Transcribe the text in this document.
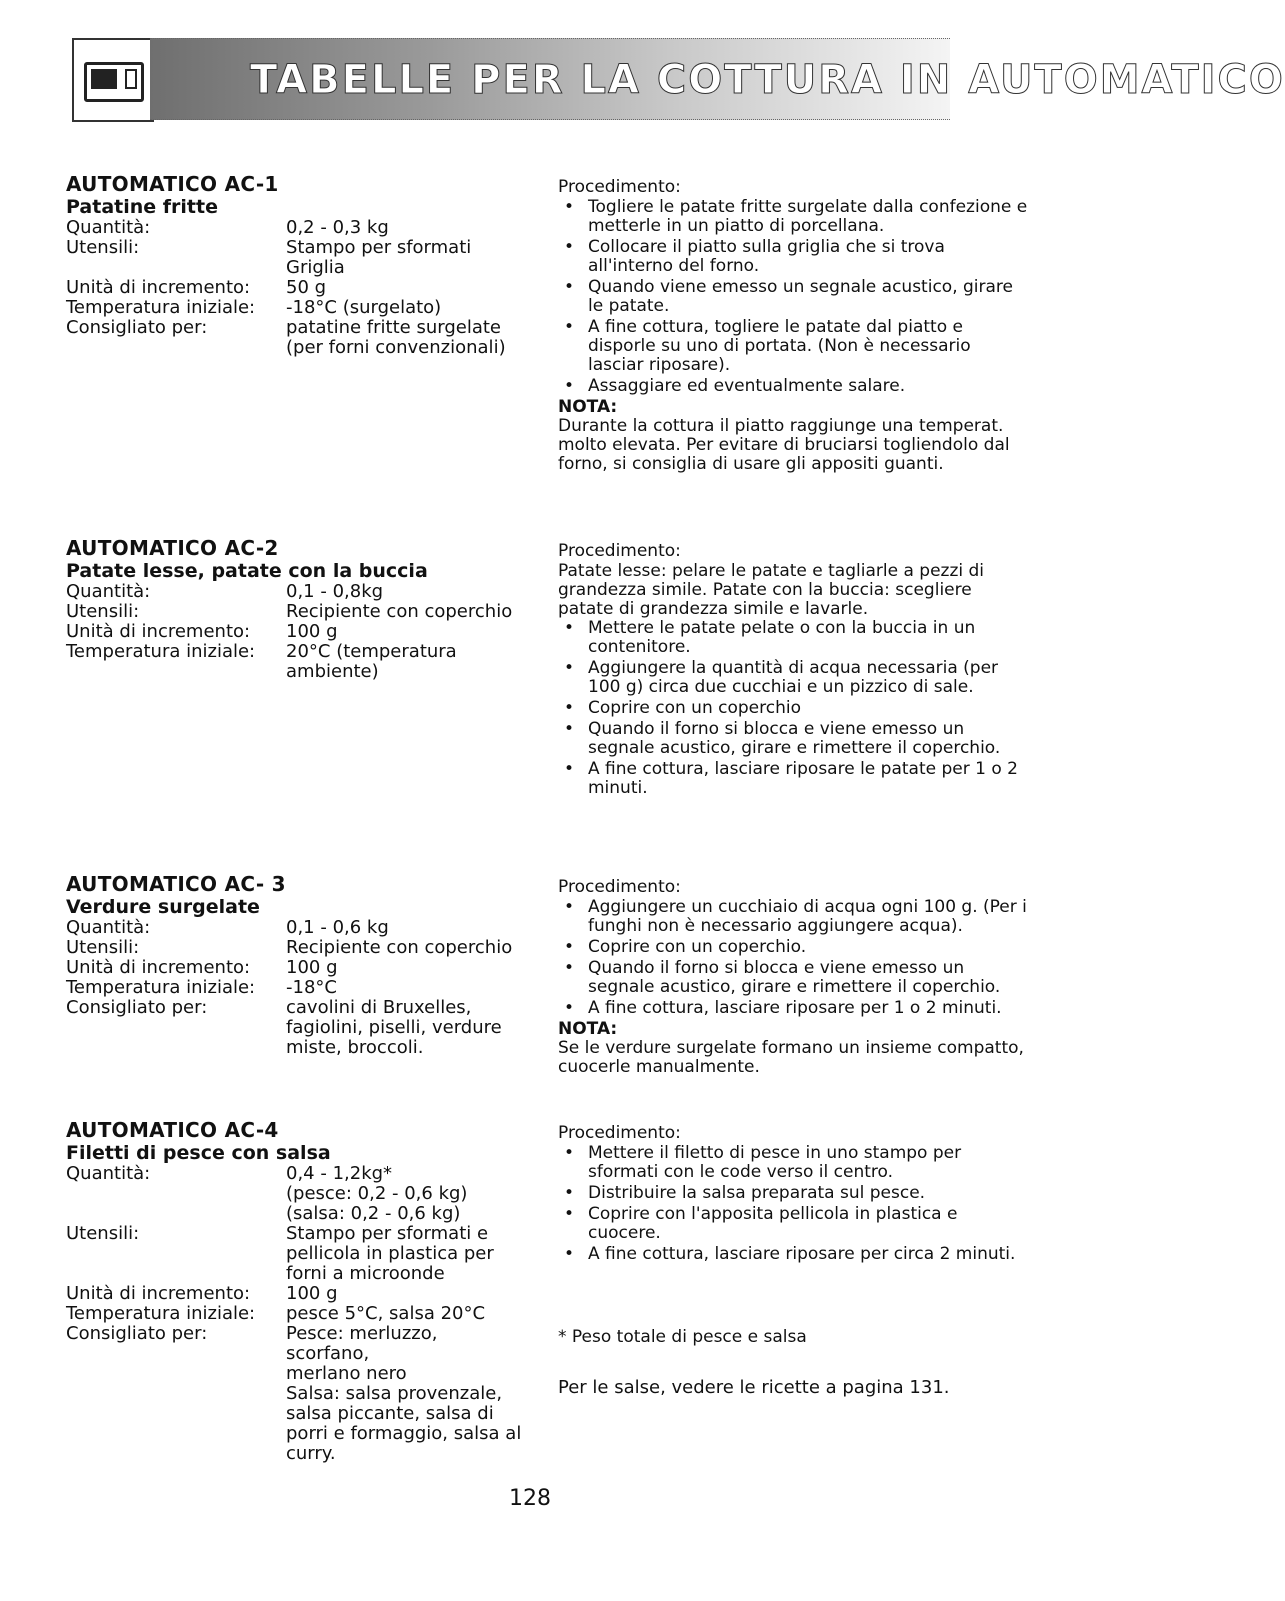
TABELLE PER LA COTTURA IN AUTOMATICO
AUTOMATICO AC-1
Patatine fritte
Quantità:	0,2 - 0,3 kg
Utensili:	Stampo per sformati
Griglia
Unità di incremento:	50 g
Temperatura iniziale:	-18°C (surgelato)
Consigliato per:	patatine fritte surgelate
(per forni convenzionali)
Procedimento:
• Togliere le patate fritte surgelate dalla confezione e metterle in un piatto di porcellana.
• Collocare il piatto sulla griglia che si trova all'interno del forno.
• Quando viene emesso un segnale acustico, girare le patate.
• A fine cottura, togliere le patate dal piatto e disporle su uno di portata. (Non è necessario lasciar riposare).
• Assaggiare ed eventualmente salare.
NOTA:

Durante la cottura il piatto raggiunge una temperat. molto elevata. Per evitare di bruciarsi togliendolo dal forno, si consiglia di usare gli appositi guanti.

AUTOMATICO AC-2
Patate lesse, patate con la buccia
Quantità:	0,1 - 0,8kg
Utensili:	Recipiente con coperchio
Unità di incremento:	100 g
Temperatura iniziale:	20°C (temperatura
ambiente)
Procedimento:

Patate lesse: pelare le patate e tagliarle a pezzi di grandezza simile. Patate con la buccia: scegliere patate di grandezza simile e lavarle.

• Mettere le patate pelate o con la buccia in un contenitore.
• Aggiungere la quantità di acqua necessaria (per 100 g) circa due cucchiai e un pizzico di sale.
• Coprire con un coperchio
• Quando il forno si blocca e viene emesso un segnale acustico, girare e rimettere il coperchio.
• A fine cottura, lasciare riposare le patate per 1 o 2 minuti.
AUTOMATICO AC- 3
Verdure surgelate
Quantità:	0,1 - 0,6 kg
Utensili:	Recipiente con coperchio
Unità di incremento:	100 g
Temperatura iniziale:	-18°C
Consigliato per:	cavolini di Bruxelles,
fagiolini, piselli, verdure
miste, broccoli.
Procedimento:
• Aggiungere un cucchiaio di acqua ogni 100 g. (Per i funghi non è necessario aggiungere acqua).
• Coprire con un coperchio.
• Quando il forno si blocca e viene emesso un segnale acustico, girare e rimettere il coperchio.
• A fine cottura, lasciare riposare per 1 o 2 minuti.
NOTA:

Se le verdure surgelate formano un insieme compatto, cuocerle manualmente.

AUTOMATICO AC-4
Filetti di pesce con salsa
Quantità:	0,4 - 1,2kg*
(pesce: 0,2 - 0,6 kg)
(salsa: 0,2 - 0,6 kg)
Utensili:	Stampo per sformati e
pellicola in plastica per
forni a microonde
Unità di incremento:	100 g
Temperatura iniziale:	pesce 5°C, salsa 20°C
Consigliato per:	Pesce: merluzzo, scorfano,
merlano nero
Salsa: salsa provenzale,
salsa piccante, salsa di
porri e formaggio, salsa al
curry.
Procedimento:
• Mettere il filetto di pesce in uno stampo per sformati con le code verso il centro.
• Distribuire la salsa preparata sul pesce.
• Coprire con l'apposita pellicola in plastica e cuocere.
• A fine cottura, lasciare riposare per circa 2 minuti.
* Peso totale di pesce e salsa
Per le salse, vedere le ricette a pagina 131.
128
